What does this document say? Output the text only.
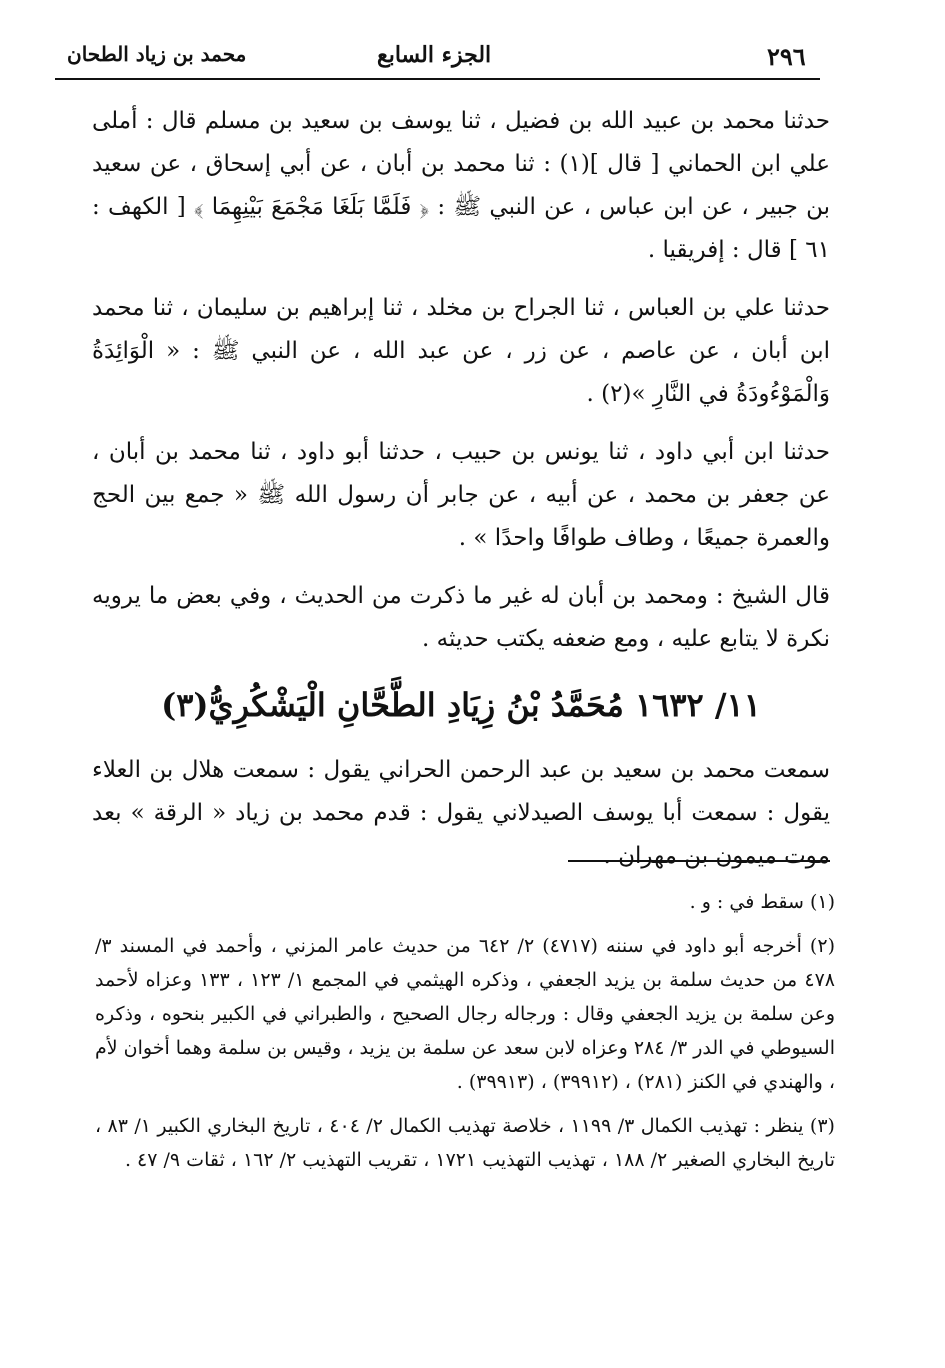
٢٩٦
الجزء السابع
محمد بن زياد الطحان

حدثنا محمد بن عبيد الله بن فضيل ، ثنا يوسف بن سعيد بن مسلم قال : أملى علي ابن الحماني [ قال ](١) : ثنا محمد بن أبان ، عن أبي إسحاق ، عن سعيد بن جبير ، عن ابن عباس ، عن النبي ﷺ : ﴿ فَلَمَّا بَلَغَا مَجْمَعَ بَيْنِهِمَا ﴾ [ الكهف : ٦١ ] قال : إفريقيا .

حدثنا علي بن العباس ، ثنا الجراح بن مخلد ، ثنا إبراهيم بن سليمان ، ثنا محمد ابن أبان ، عن عاصم ، عن زر ، عن عبد الله ، عن النبي ﷺ : « الْوَائِدَةُ وَالْمَوْءُودَةُ في النَّارِ »(٢) .

حدثنا ابن أبي داود ، ثنا يونس بن حبيب ، حدثنا أبو داود ، ثنا محمد بن أبان ، عن جعفر بن محمد ، عن أبيه ، عن جابر أن رسول الله ﷺ « جمع بين الحج والعمرة جميعًا ، وطاف طوافًا واحدًا » .

قال الشيخ : ومحمد بن أبان له غير ما ذكرت من الحديث ، وفي بعض ما يرويه نكرة لا يتابع عليه ، ومع ضعفه يكتب حديثه .

١١/ ١٦٣٢ مُحَمَّدُ بْنُ زِيَادِ الطَّحَّانِ الْيَشْكُرِيُّ(٣)

سمعت محمد بن سعيد بن عبد الرحمن الحراني يقول : سمعت هلال بن العلاء يقول : سمعت أبا يوسف الصيدلاني يقول : قدم محمد بن زياد « الرقة » بعد موت ميمون بن مهران .

(١) سقط في : و .

(٢) أخرجه أبو داود في سننه (٤٧١٧) ٢/ ٦٤٢ من حديث عامر المزني ، وأحمد في المسند ٣/ ٤٧٨ من حديث سلمة بن يزيد الجعفي ، وذكره الهيثمي في المجمع ١/ ١٢٣ ، ١٣٣ وعزاه لأحمد وعن سلمة بن يزيد الجعفي وقال : ورجاله رجال الصحيح ، والطبراني في الكبير بنحوه ، وذكره السيوطي في الدر ٣/ ٢٨٤ وعزاه لابن سعد عن سلمة بن يزيد ، وقيس بن سلمة وهما أخوان لأم ، والهندي في الكنز (٢٨١) ، (٣٩٩١٢) ، (٣٩٩١٣) .

(٣) ينظر : تهذيب الكمال ٣/ ١١٩٩ ، خلاصة تهذيب الكمال ٢/ ٤٠٤ ، تاريخ البخاري الكبير ١/ ٨٣ ، تاريخ البخاري الصغير ٢/ ١٨٨ ، تهذيب التهذيب ١٧٢١ ، تقريب التهذيب ٢/ ١٦٢ ، ثقات ٩/ ٤٧ .
